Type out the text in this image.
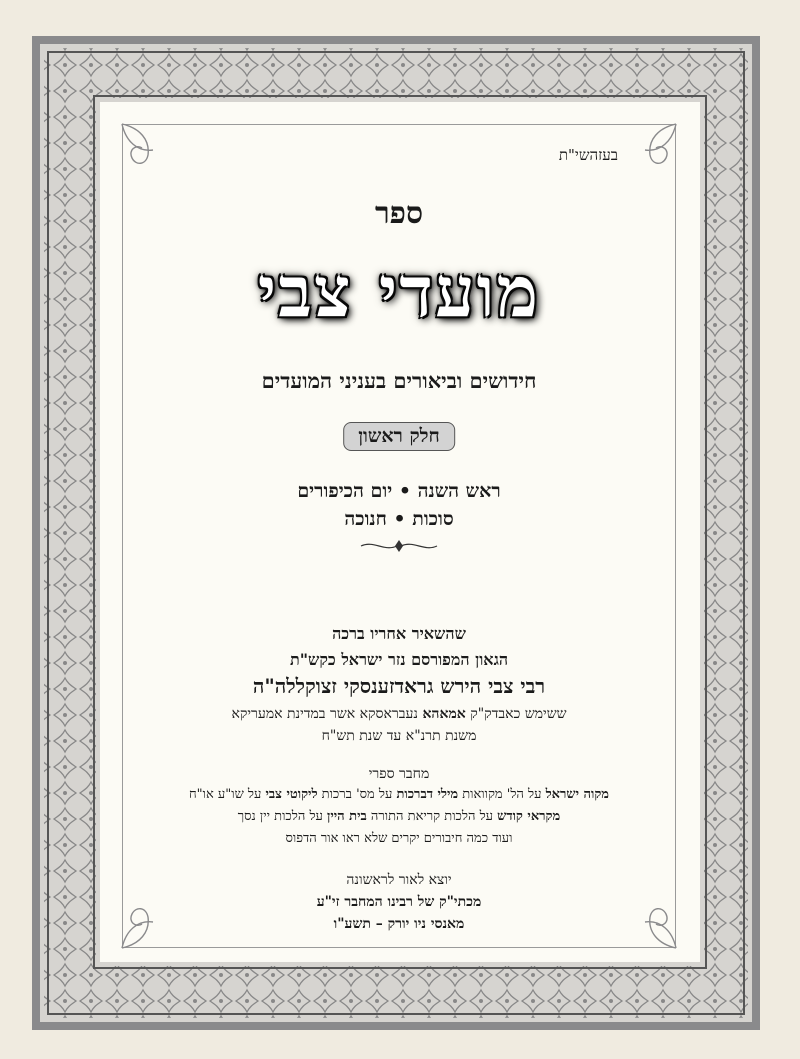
בעזהשי"ת
ספר
מועדי צבי
חידושים וביאורים בעניני המועדים
חלק ראשון
ראש השנה • יום הכיפורים
סוכות • חנוכה
שהשאיר אחריו ברכה
הגאון המפורסם נזר ישראל כקש"ת
רבי צבי הירש גראדזענסקי זצוקללה"ה
ששימש כאבדק"ק אמאהא נעבראסקא אשר במדינת אמעריקא
משנת תרנ"א עד שנת תש"ח
מחבר ספרי
מקוה ישראל על הל' מקוואות מילי דברכות על מס' ברכות ליקוטי צבי על שו"ע או"ח
מקראי קודש על הלכות קריאת התורה בית היין על הלכות יין נסך
ועוד כמה חיבורים יקרים שלא ראו אור הדפוס
יוצא לאור לראשונה
מכתי"ק של רבינו המחבר זי"ע
מאנסי ניו יורק – תשע"ו
